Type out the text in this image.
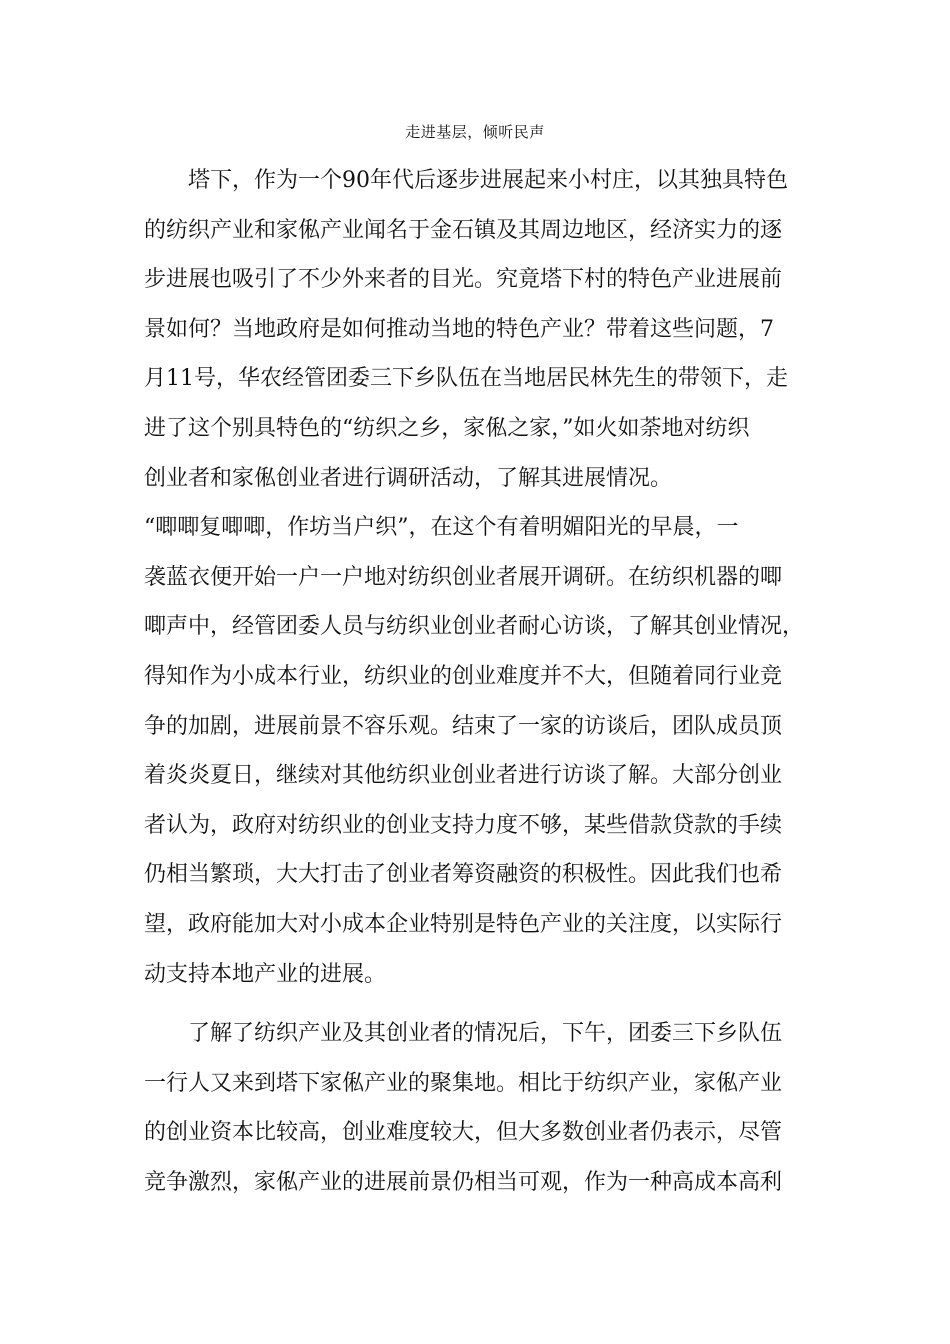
走进基层，倾听民声

塔下，作为一个90年代后逐步进展起来小村庄，以其独具特色
的纺织产业和家俬产业闻名于金石镇及其周边地区，经济实力的逐
步进展也吸引了不少外来者的目光。究竟塔下村的特色产业进展前
景如何？当地政府是如何推动当地的特色产业？带着这些问题，7
月11号，华农经管团委三下乡队伍在当地居民林先生的带领下，走
进了这个别具特色的“纺织之乡，家俬之家，”如火如荼地对纺织
创业者和家俬创业者进行调研活动，了解其进展情况。

“唧唧复唧唧，作坊当户织”，在这个有着明媚阳光的早晨，一
袭蓝衣便开始一户一户地对纺织创业者展开调研。在纺织机器的唧
唧声中，经管团委人员与纺织业创业者耐心访谈，了解其创业情况，
得知作为小成本行业，纺织业的创业难度并不大，但随着同行业竞
争的加剧，进展前景不容乐观。结束了一家的访谈后，团队成员顶
着炎炎夏日，继续对其他纺织业创业者进行访谈了解。大部分创业
者认为，政府对纺织业的创业支持力度不够，某些借款贷款的手续
仍相当繁琐，大大打击了创业者筹资融资的积极性。因此我们也希
望，政府能加大对小成本企业特别是特色产业的关注度，以实际行
动支持本地产业的进展。

了解了纺织产业及其创业者的情况后，下午，团委三下乡队伍
一行人又来到塔下家俬产业的聚集地。相比于纺织产业，家俬产业
的创业资本比较高，创业难度较大，但大多数创业者仍表示，尽管
竞争激烈，家俬产业的进展前景仍相当可观，作为一种高成本高利
